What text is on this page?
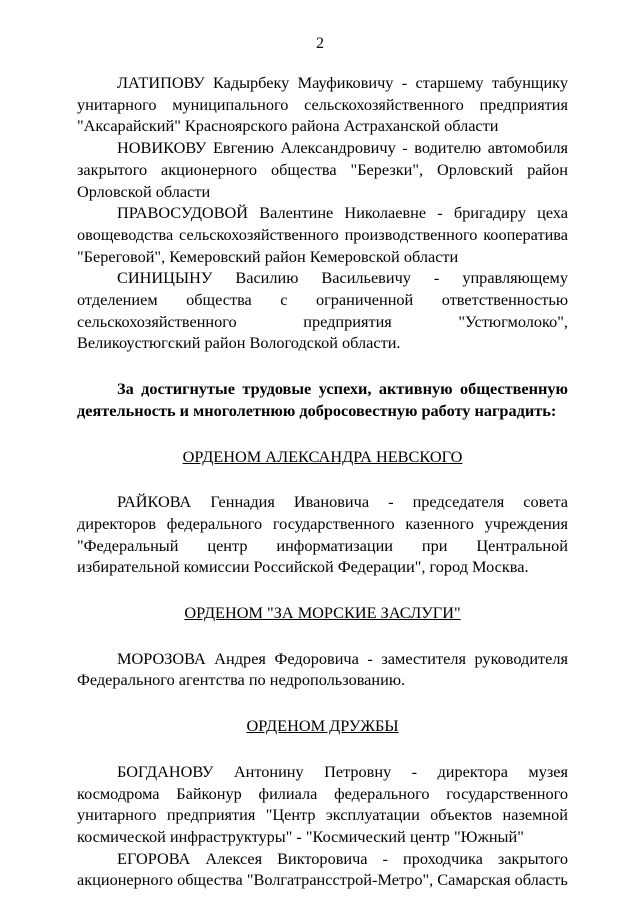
2

ЛАТИПОВУ Кадырбеку Мауфиковичу - старшему табунщику унитарного муниципального сельскохозяйственного предприятия "Аксарайский" Красноярского района Астраханской области

НОВИКОВУ Евгению Александровичу - водителю автомобиля закрытого акционерного общества "Березки", Орловский район Орловской области

ПРАВОСУДОВОЙ Валентине Николаевне - бригадиру цеха овощеводства сельскохозяйственного производственного кооператива "Береговой", Кемеровский район Кемеровской области

СИНИЦЫНУ Василию Васильевичу - управляющему отделением общества с ограниченной ответственностью сельскохозяйственного предприятия "Устюгмолоко", Великоустюгский район Вологодской области.

За достигнутые трудовые успехи, активную общественную деятельность и многолетнюю добросовестную работу наградить:

ОРДЕНОМ АЛЕКСАНДРА НЕВСКОГО

РАЙКОВА Геннадия Ивановича - председателя совета директоров федерального государственного казенного учреждения "Федеральный центр информатизации при Центральной избирательной комиссии Российской Федерации", город Москва.

ОРДЕНОМ "ЗА МОРСКИЕ ЗАСЛУГИ"

МОРОЗОВА Андрея Федоровича - заместителя руководителя Федерального агентства по недропользованию.

ОРДЕНОМ ДРУЖБЫ

БОГДАНОВУ Антонину Петровну - директора музея космодрома Байконур филиала федерального государственного унитарного предприятия "Центр эксплуатации объектов наземной космической инфраструктуры" - "Космический центр "Южный"

ЕГОРОВА Алексея Викторовича - проходчика закрытого акционерного общества "Волгатрансстрой-Метро", Самарская область
